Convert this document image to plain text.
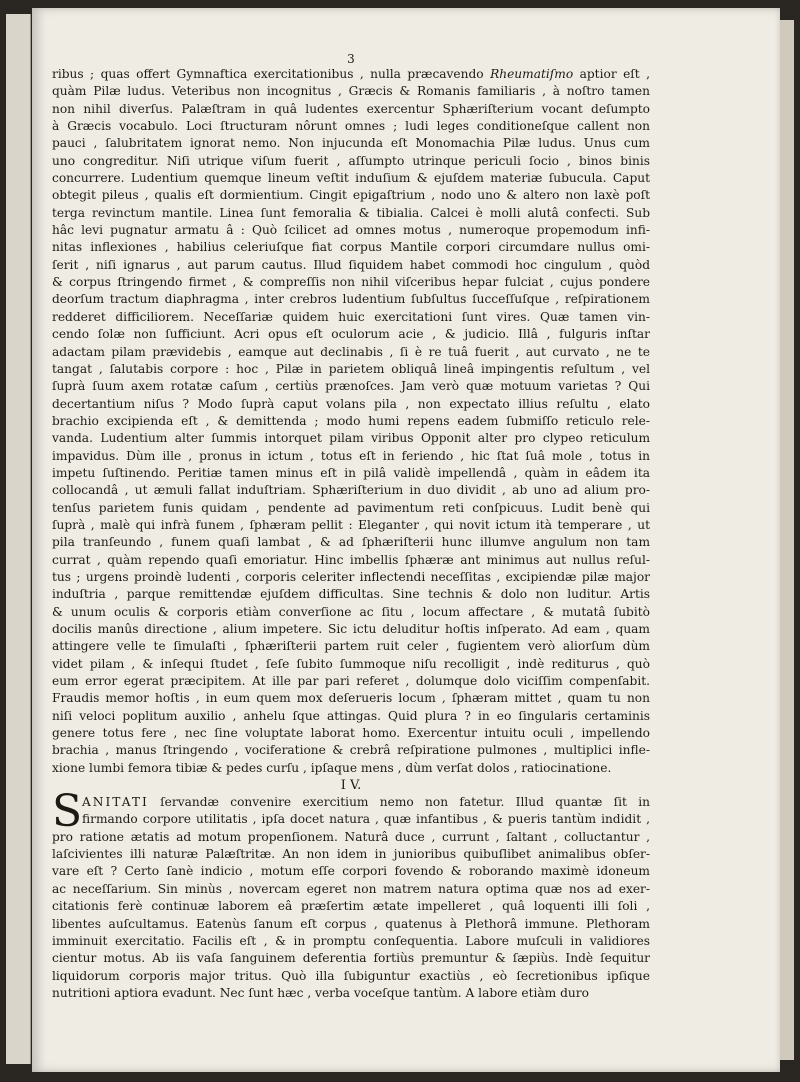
3
ribus ; quas offert Gymnaftica exercitationibus , nulla præcavendo Rheumatiſmo aptior eſt ,
quàm Pilæ ludus. Veteribus non incognitus , Græcis & Romanis familiaris , à noſtro tamen
non nihil diverſus. Palæſtram in quâ ludentes exercentur Sphæriſterium vocant deſumpto
à Græcis vocabulo. Loci ſtructuram nôrunt omnes ; ludi leges conditioneſque callent non
pauci , ſalubritatem ignorat nemo. Non injucunda eſt Monomachia Pilæ ludus. Unus cum
uno congreditur. Niſi utrique viſum fuerit , aſſumpto utrinque periculi ſocio , binos binis
concurrere. Ludentium quemque lineum veſtit induſium & ejuſdem materiæ ſubucula. Caput
obtegit pileus , qualis eſt dormientium. Cingit epigaſtrium , nodo uno & altero non laxè poſt
terga revinctum mantile. Linea ſunt femoralia & tibialia. Calcei è molli alutâ confecti. Sub
hâc levi pugnatur armatu â : Quò ſcilicet ad omnes motus , numeroque propemodum infi-
nitas inflexiones , habilius celeriuſque fiat corpus Mantile corpori circumdare nullus omi-
ſerit , niſi ignarus , aut parum cautus. Illud ſiquidem habet commodi hoc cingulum , quòd
& corpus ſtringendo firmet , & compreſſis non nihil viſceribus hepar fulciat , cujus pondere
deorſum tractum diaphragma , inter crebros ludentium ſubſultus ſucceſſuſque , reſpirationem
redderet difficiliorem. Neceſſariæ quidem huic exercitationi ſunt vires. Quæ tamen vin-
cendo ſolæ non ſufficiunt. Acri opus eſt oculorum acie , & judicio. Illâ , fulguris inſtar
adactam pilam prævidebis , eamque aut declinabis , ſi è re tuâ fuerit , aut curvato , ne te
tangat , ſalutabis corpore : hoc , Pilæ in parietem obliquâ lineâ impingentis reſultum , vel
ſuprà ſuum axem rotatæ caſum , certiùs prænoſces. Jam verò quæ motuum varietas ? Qui
decertantium niſus ? Modo ſuprà caput volans pila , non expectato illius reſultu , elato
brachio excipienda eſt , & demittenda ; modo humi repens eadem ſubmiſſo reticulo rele-
vanda. Ludentium alter ſummis intorquet pilam viribus Opponit alter pro clypeo reticulum
impavidus. Dùm ille , pronus in ictum , totus eſt in feriendo , hic ſtat ſuâ mole , totus in
impetu ſuſtinendo. Peritiæ tamen minus eſt in pilâ validè impellendâ , quàm in eâdem ita
collocandâ , ut æmuli fallat induſtriam. Sphæriſterium in duo dividit , ab uno ad alium pro-
tenſus parietem funis quidam , pendente ad pavimentum reti conſpicuus. Ludit benè qui
ſuprà , malè qui infrà funem , ſphæram pellit : Eleganter , qui novit ictum ità temperare , ut
pila tranſeundo , funem quaſi lambat , & ad ſphæriſterii hunc illumve angulum non tam
currat , quàm rependo quaſi emoriatur. Hinc imbellis ſphæræ ant minimus aut nullus reſul-
tus ; urgens proindè ludenti , corporis celeriter inflectendi neceſſitas , excipiendæ pilæ major
induſtria , parque remittendæ ejuſdem difficultas. Sine technis & dolo non luditur. Artis
& unum oculis & corporis etiàm converſione ac ſitu , locum affectare , & mutatâ ſubitò
docilis manûs directione , alium impetere. Sic ictu deluditur hoſtis inſperato. Ad eam , quam
attingere velle te ſimulaſti , ſphæriſterii partem ruit celer , fugientem verò aliorſum dùm
videt pilam , & inſequi ſtudet , ſeſe ſubito ſummoque niſu recolligit , indè rediturus , quò
eum error egerat præcipitem. At ille par pari referet , dolumque dolo viciſſim compenſabit.
Fraudis memor hoſtis , in eum quem mox deſerueris locum , ſphæram mittet , quam tu non
niſi veloci poplitum auxilio , anhelu ſque attingas. Quid plura ? in eo ſingularis certaminis
genere totus fere , nec ſine voluptate laborat homo. Exercentur intuitu oculi , impellendo
brachia , manus ſtringendo , vociferatione & crebrâ reſpiratione pulmones , multiplici infle-
xione lumbi femora tibiæ & pedes curſu , ipſaque mens , dùm verſat dolos , ratiocinatione.
I V.
S ANITATI ſervandæ convenire exercitium nemo non fatetur. Illud quantæ ſit in
firmando corpore utilitatis , ipſa docet natura , quæ infantibus , & pueris tantùm indidit ,
pro ratione ætatis ad motum propenſionem. Naturâ duce , currunt , ſaltant , colluctantur ,
laſcivientes illi naturæ Palæſtritæ. An non idem in junioribus quibuſlibet animalibus obſer-
vare eſt ? Certo ſanè indicio , motum eſſe corpori fovendo & roborando maximè idoneum
ac neceſſarium. Sin minùs , novercam egeret non matrem natura optima quæ nos ad exer-
citationis ferè continuæ laborem eâ præſertim ætate impelleret , quâ loquenti illi ſoli ,
libentes auſcultamus. Eatenùs ſanum eſt corpus , quatenus à Plethorâ immune. Plethoram
imminuit exercitatio. Facilis eſt , & in promptu conſequentia. Labore muſculi in validiores
cientur motus. Ab iis vaſa ſanguinem deferentia fortiùs premuntur & ſæpiùs. Indè ſequitur
liquidorum corporis major tritus. Quò illa ſubiguntur exactiùs , eò ſecretionibus ipſique
nutritioni aptiora evadunt. Nec ſunt hæc , verba voceſque tantùm. A labore etiàm duro
